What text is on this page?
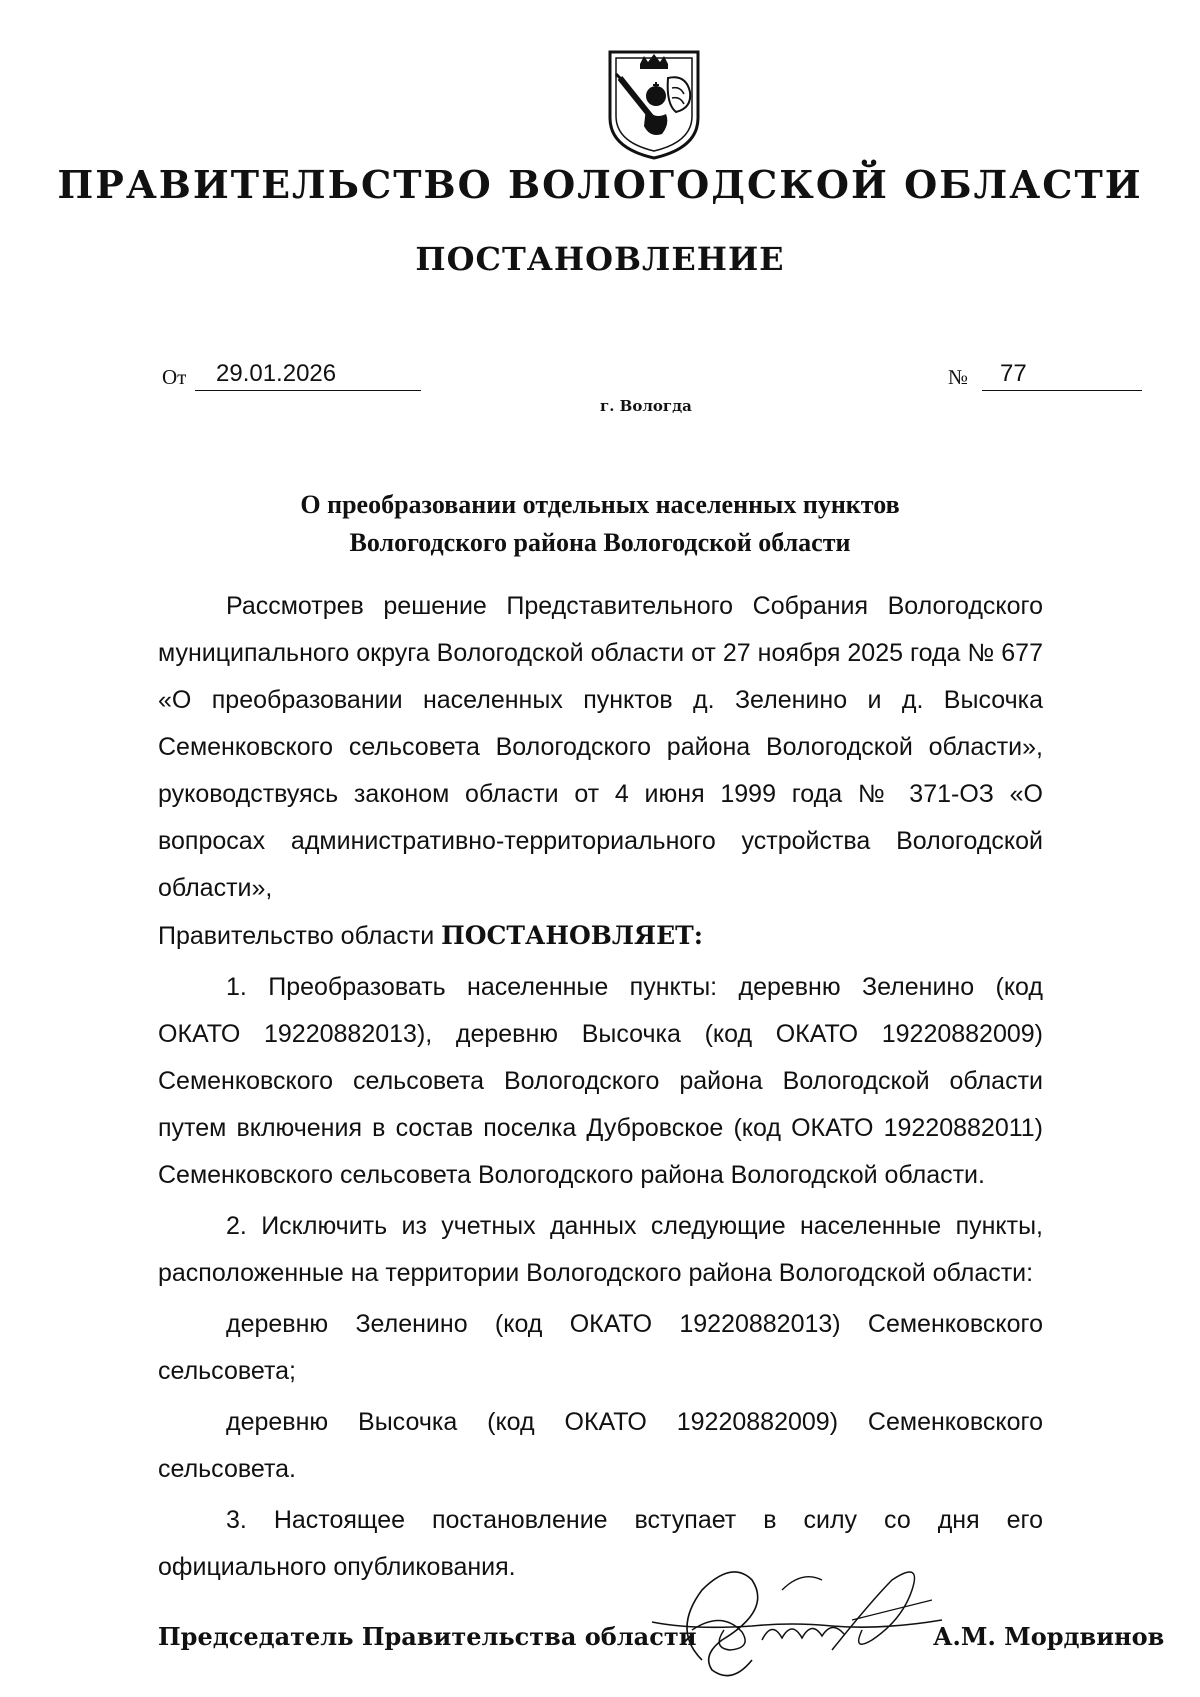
ПРАВИТЕЛЬСТВО ВОЛОГОДСКОЙ ОБЛАСТИ
ПОСТАНОВЛЕНИЕ
От 29.01.2026	№ 77
г. Вологда
О преобразовании отдельных населенных пунктов
Вологодского района Вологодской области

Рассмотрев решение Представительного Собрания Вологодского муниципального округа Вологодской области от 27 ноября 2025 года № 677 «О преобразовании населенных пунктов д. Зеленино и д. Высочка Семенковского сельсовета Вологодского района Вологодской области», руководствуясь законом области от 4 июня 1999 года № 371-ОЗ «О вопросах административно-территориального устройства Вологодской области»,

Правительство области ПОСТАНОВЛЯЕТ:

1. Преобразовать населенные пункты: деревню Зеленино (код ОКАТО 19220882013), деревню Высочка (код ОКАТО 19220882009) Семенковского сельсовета Вологодского района Вологодской области путем включения в состав поселка Дубровское (код ОКАТО 19220882011) Семенковского сельсовета Вологодского района Вологодской области.

2. Исключить из учетных данных следующие населенные пункты, расположенные на территории Вологодского района Вологодской области:

деревню Зеленино (код ОКАТО 19220882013) Семенковского сельсовета;

деревню Высочка (код ОКАТО 19220882009) Семенковского сельсовета.

3. Настоящее постановление вступает в силу со дня его официального опубликования.

Председатель Правительства области	А.М. Мордвинов
